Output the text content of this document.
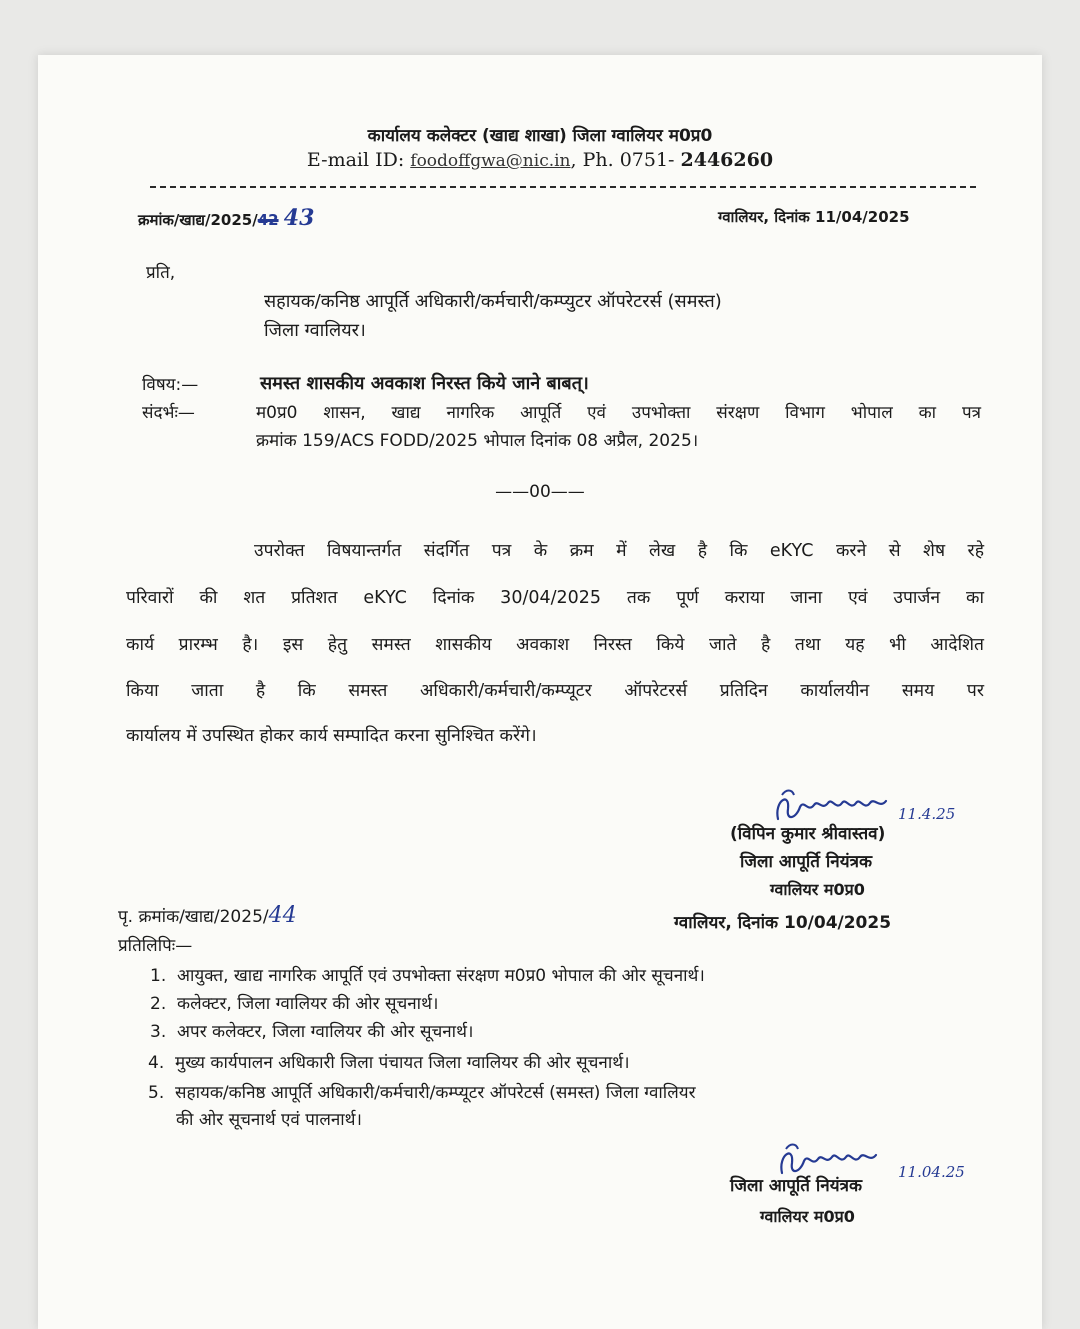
कार्यालय कलेक्टर (खाद्य शाखा) जिला ग्वालियर म0प्र0
E-mail ID: foodoffgwa@nic.in, Ph. 0751- 2446260
क्रमांक/खाद्य/2025/42 43	ग्वालियर, दिनांक 11/04/2025
प्रति,
सहायक/कनिष्ठ आपूर्ति अधिकारी/कर्मचारी/कम्प्युटर ऑपरेटरर्स (समस्त)
जिला ग्वालियर।
विषय:—	समस्त शासकीय अवकाश निरस्त किये जाने बाबत्।
संदर्भः—	म0प्र0 शासन, खाद्य नागरिक आपूर्ति एवं उपभोक्ता संरक्षण विभाग भोपाल का पत्र
क्रमांक 159/ACS FODD/2025 भोपाल दिनांक 08 अप्रैल, 2025।
——00——
उपरोक्त विषयान्तर्गत संदर्गित पत्र के क्रम में लेख है कि eKYC करने से शेष रहे
परिवारों की शत प्रतिशत eKYC दिनांक 30/04/2025 तक पूर्ण कराया जाना एवं उपार्जन का
कार्य प्रारम्भ है। इस हेतु समस्त शासकीय अवकाश निरस्त किये जाते है तथा यह भी आदेशित
किया जाता है कि समस्त अधिकारी/कर्मचारी/कम्प्यूटर ऑपरेटरर्स प्रतिदिन कार्यालयीन समय पर
कार्यालय में उपस्थित होकर कार्य सम्पादित करना सुनिश्चित करेंगे।
11.4.25
(विपिन कुमार श्रीवास्तव)
जिला आपूर्ति नियंत्रक
ग्वालियर म0प्र0
पृ. क्रमांक/खाद्य/2025/44	ग्वालियर, दिनांक 10/04/2025
प्रतिलिपिः—
1. आयुक्त, खाद्य नागरिक आपूर्ति एवं उपभोक्ता संरक्षण म0प्र0 भोपाल की ओर सूचनार्थ।
2. कलेक्टर, जिला ग्वालियर की ओर सूचनार्थ।
3. अपर कलेक्टर, जिला ग्वालियर की ओर सूचनार्थ।
4. मुख्य कार्यपालन अधिकारी जिला पंचायत जिला ग्वालियर की ओर सूचनार्थ।
5. सहायक/कनिष्ठ आपूर्ति अधिकारी/कर्मचारी/कम्प्यूटर ऑपरेटर्स (समस्त) जिला ग्वालियर
की ओर सूचनार्थ एवं पालनार्थ।
11.04.25
जिला आपूर्ति नियंत्रक
ग्वालियर म0प्र0
